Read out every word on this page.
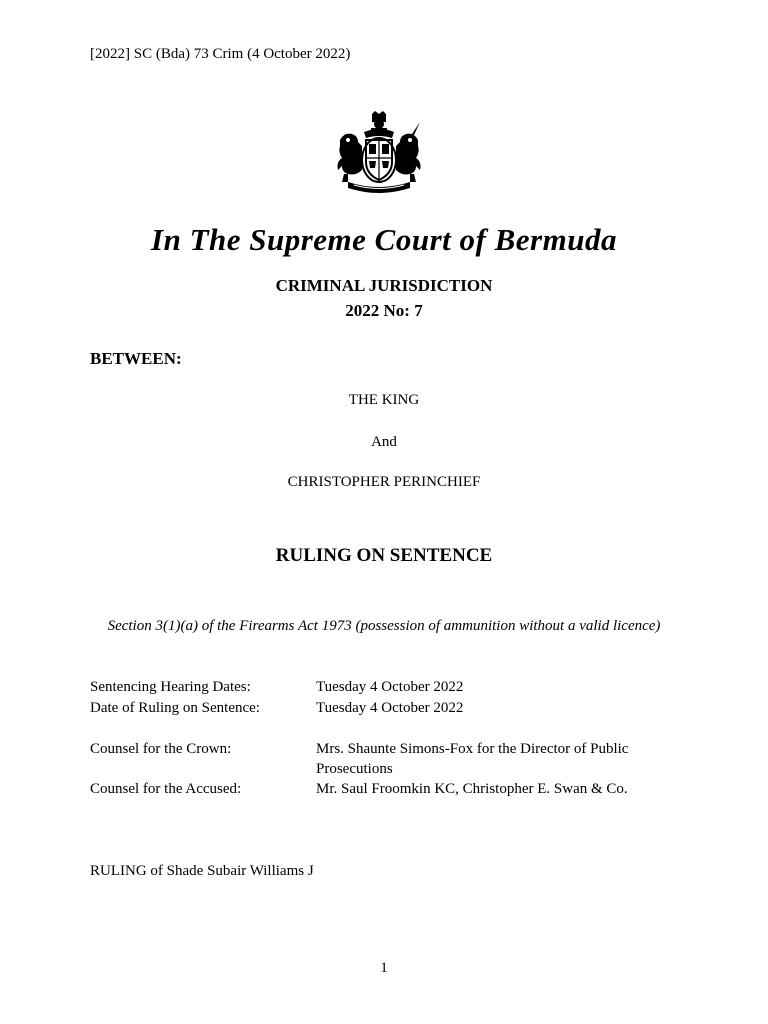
[2022] SC (Bda) 73 Crim (4 October 2022)
In The Supreme Court of Bermuda
CRIMINAL JURISDICTION
2022 No: 7
BETWEEN:
THE KING
And
CHRISTOPHER PERINCHIEF
RULING ON SENTENCE
Section 3(1)(a) of the Firearms Act 1973 (possession of ammunition without a valid licence)
Sentencing Hearing Dates:	Tuesday 4 October 2022
Date of Ruling on Sentence:	Tuesday 4 October 2022
Counsel for the Crown:	Mrs. Shaunte Simons-Fox for the Director of Public
Prosecutions
Counsel for the Accused:	Mr. Saul Froomkin KC, Christopher E. Swan & Co.
RULING of Shade Subair Williams J
1
